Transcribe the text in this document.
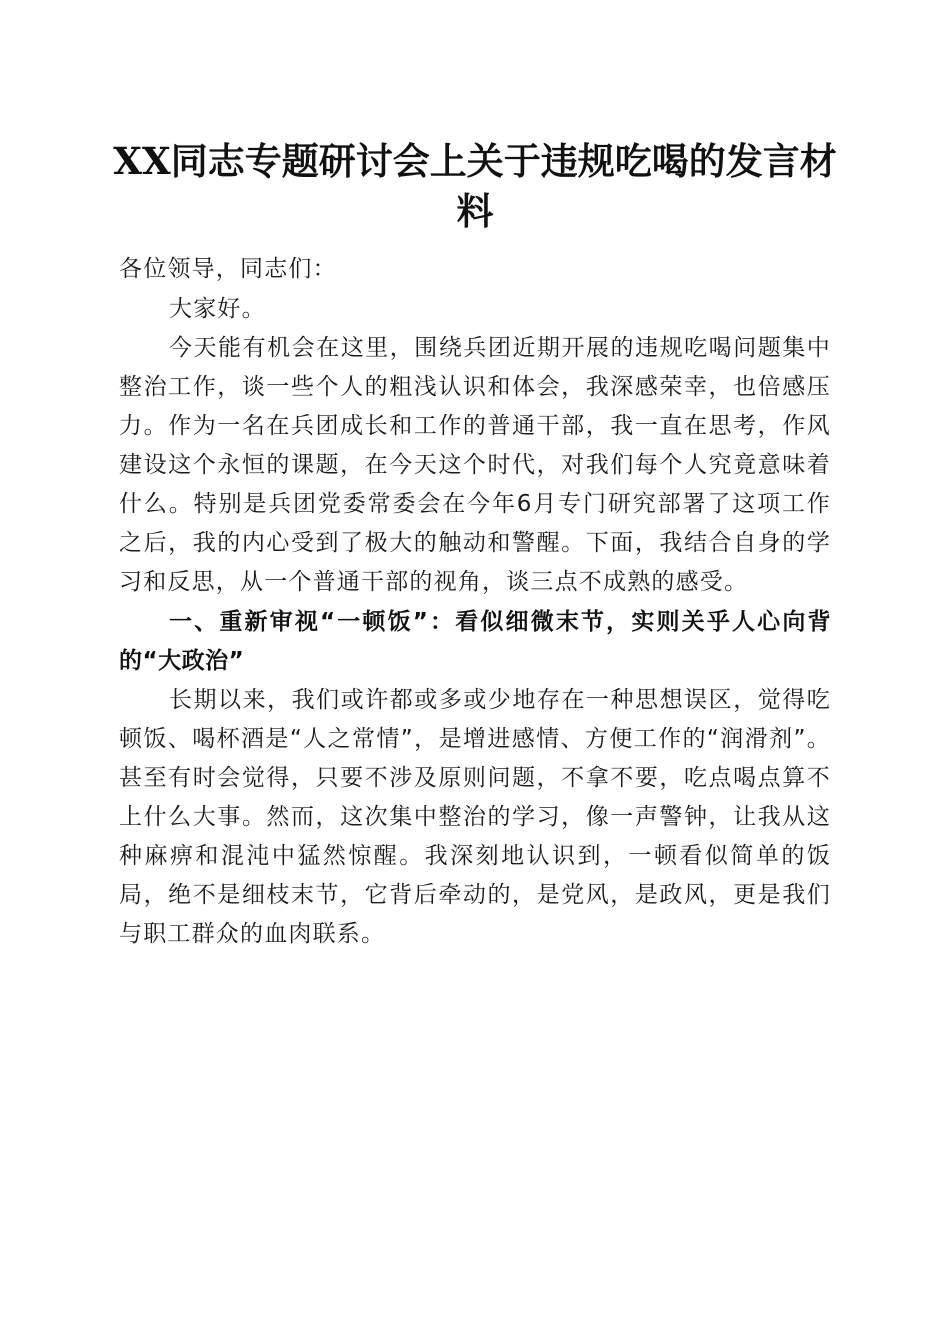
XX同志专题研讨会上关于违规吃喝的发言材料

各位领导，同志们：

大家好。

今天能有机会在这里，围绕兵团近期开展的违规吃喝问题集中整治工作，谈一些个人的粗浅认识和体会，我深感荣幸，也倍感压力。作为一名在兵团成长和工作的普通干部，我一直在思考，作风建设这个永恒的课题，在今天这个时代，对我们每个人究竟意味着什么。特别是兵团党委常委会在今年6月专门研究部署了这项工作之后，我的内心受到了极大的触动和警醒。下面，我结合自身的学习和反思，从一个普通干部的视角，谈三点不成熟的感受。

一、重新审视“一顿饭”：看似细微末节，实则关乎人心向背的“大政治”

长期以来，我们或许都或多或少地存在一种思想误区，觉得吃顿饭、喝杯酒是“人之常情”，是增进感情、方便工作的“润滑剂”。甚至有时会觉得，只要不涉及原则问题，不拿不要，吃点喝点算不上什么大事。然而，这次集中整治的学习，像一声警钟，让我从这种麻痹和混沌中猛然惊醒。我深刻地认识到，一顿看似简单的饭局，绝不是细枝末节，它背后牵动的，是党风，是政风，更是我们与职工群众的血肉联系。
